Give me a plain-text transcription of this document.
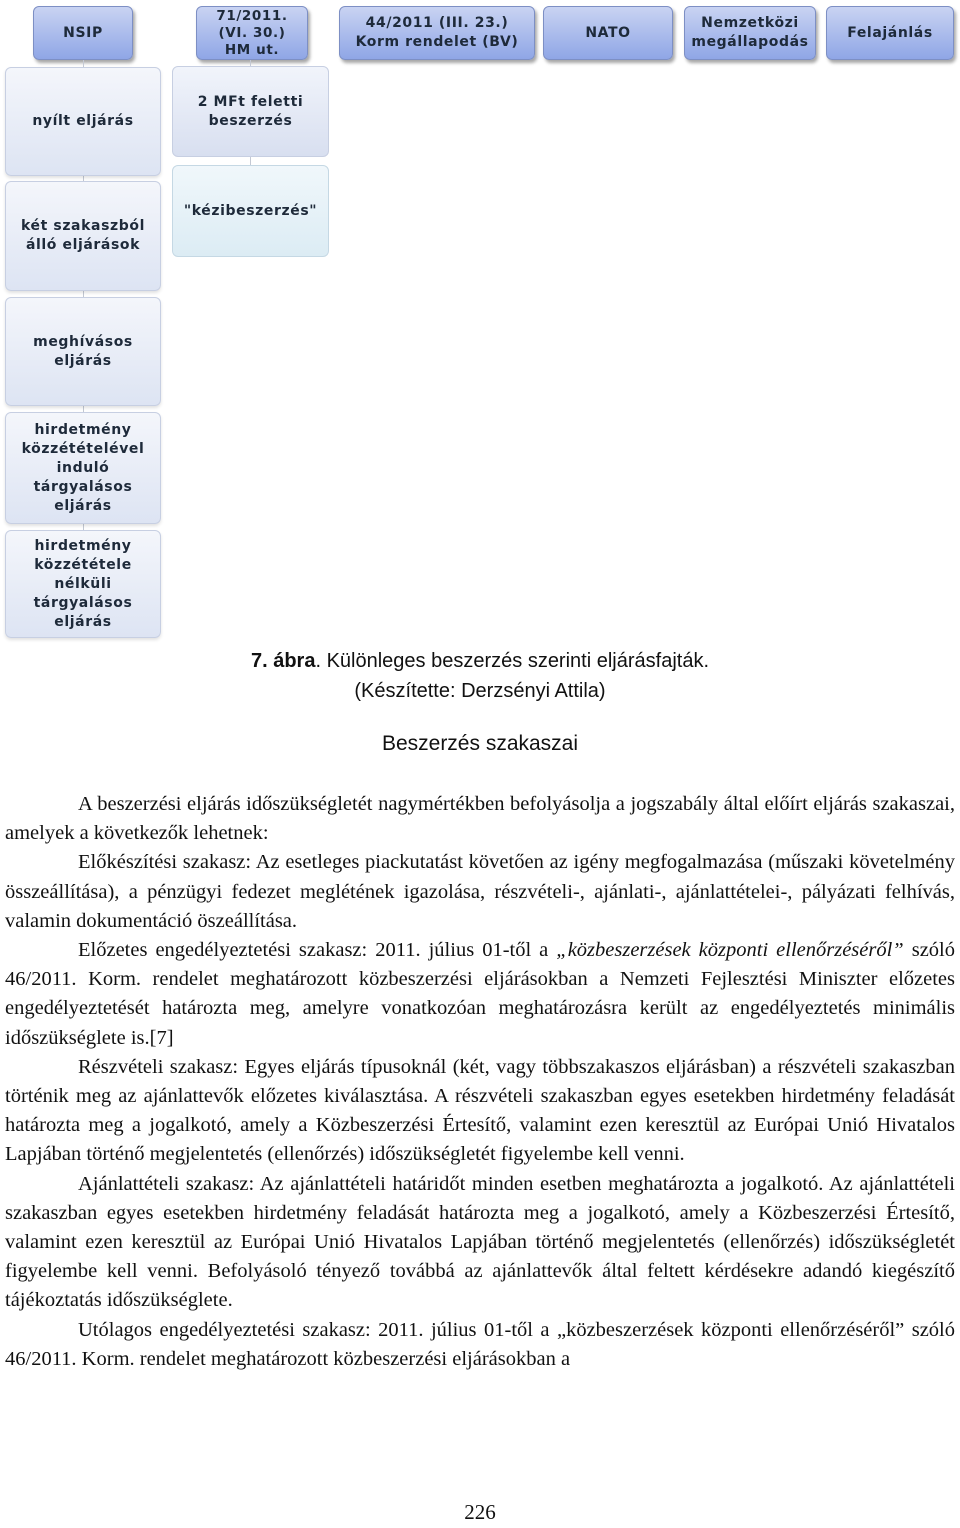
NSIP
71/2011. (VI. 30.) HM ut.
44/2011 (III. 23.) Korm rendelet (BV)
NATO
Nemzetközi megállapodás
Felajánlás
nyílt eljárás
két szakaszból álló eljárások
meghívásos eljárás
hirdetmény közzétételével induló tárgyalásos eljárás
hirdetmény közzététele nélküli tárgyalásos eljárás
2 MFt feletti beszerzés
"kézibeszerzés"
7. ábra. Különleges beszerzés szerinti eljárásfajták.
(Készítette: Derzsényi Attila)
Beszerzés szakaszai

A beszerzési eljárás időszükségletét nagymértékben befolyásolja a jogszabály által előírt eljárás szakaszai, amelyek a következők lehetnek:

Előkészítési szakasz: Az esetleges piackutatást követően az igény megfogalmazása (műszaki követelmény összeállítása), a pénzügyi fedezet meglétének igazolása, részvételi-, ajánlati-, ajánlattételei-, pályázati felhívás, valamin dokumentáció öszeállítása.

Előzetes engedélyeztetési szakasz: 2011. július 01-től a „közbeszerzések központi ellenőrzéséről” szóló 46/2011. Korm. rendelet meghatározott közbeszerzési eljárásokban a Nemzeti Fejlesztési Miniszter előzetes engedélyeztetését határozta meg, amelyre vonatkozóan meghatározásra került az engedélyeztetés minimális időszükséglete is.[7]

Részvételi szakasz: Egyes eljárás típusoknál (két, vagy többszakaszos eljárásban) a részvételi szakaszban történik meg az ajánlattevők előzetes kiválasztása. A részvételi szakaszban egyes esetekben hirdetmény feladását határozta meg a jogalkotó, amely a Közbeszerzési Értesítő, valamint ezen keresztül az Európai Unió Hivatalos Lapjában történő megjelentetés (ellenőrzés) időszükségletét figyelembe kell venni.

Ajánlattételi szakasz: Az ajánlattételi határidőt minden esetben meghatározta a jogalkotó. Az ajánlattételi szakaszban egyes esetekben hirdetmény feladását határozta meg a jogalkotó, amely a Közbeszerzési Értesítő, valamint ezen keresztül az Európai Unió Hivatalos Lapjában történő megjelentetés (ellenőrzés) időszükségletét figyelembe kell venni. Befolyásoló tényező továbbá az ajánlattevők által feltett kérdésekre adandó kiegészítő tájékoztatás időszükséglete.

Utólagos engedélyeztetési szakasz: 2011. július 01-től a „közbeszerzések központi ellenőrzéséről” szóló 46/2011. Korm. rendelet meghatározott közbeszerzési eljárásokban a

226
